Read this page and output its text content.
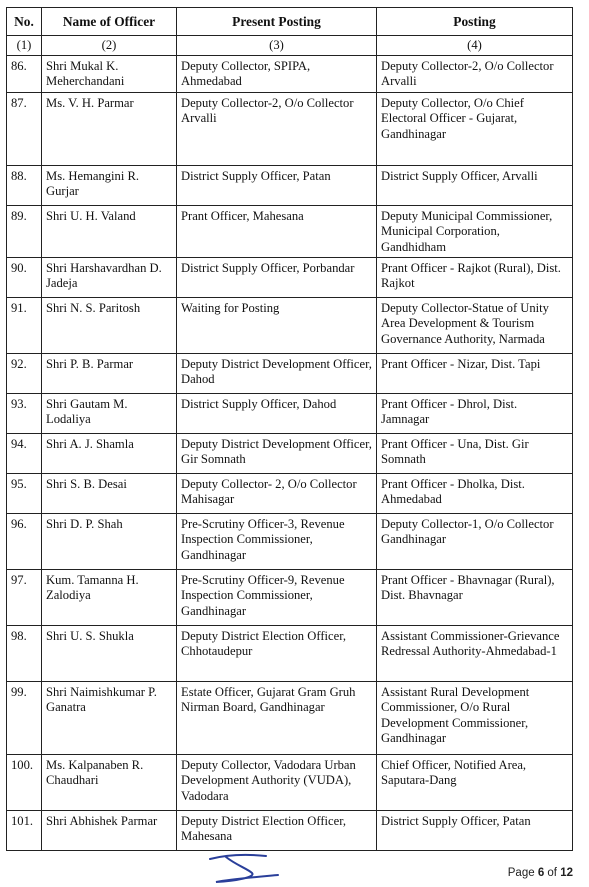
No.	Name of Officer	Present Posting	Posting
(1)	(2)	(3)	(4)
86.	Shri Mukal K. Meherchandani	Deputy Collector, SPIPA, Ahmedabad	Deputy Collector-2, O/o Collector Arvalli
87.	Ms. V. H. Parmar	Deputy Collector-2, O/o Collector Arvalli	Deputy Collector, O/o Chief Electoral Officer - Gujarat, Gandhinagar
88.	Ms. Hemangini R. Gurjar	District Supply Officer, Patan	District Supply Officer, Arvalli
89.	Shri U. H. Valand	Prant Officer, Mahesana	Deputy Municipal Commissioner, Municipal Corporation, Gandhidham
90.	Shri Harshavardhan D. Jadeja	District Supply Officer, Porbandar	Prant Officer - Rajkot (Rural), Dist. Rajkot
91.	Shri N. S. Paritosh	Waiting for Posting	Deputy Collector-Statue of Unity Area Development & Tourism Governance Authority, Narmada
92.	Shri P. B. Parmar	Deputy District Development Officer, Dahod	Prant Officer - Nizar, Dist. Tapi
93.	Shri Gautam M. Lodaliya	District Supply Officer, Dahod	Prant Officer - Dhrol, Dist. Jamnagar
94.	Shri A. J. Shamla	Deputy District Development Officer, Gir Somnath	Prant Officer - Una, Dist. Gir Somnath
95.	Shri S. B. Desai	Deputy Collector- 2, O/o Collector Mahisagar	Prant Officer - Dholka, Dist. Ahmedabad
96.	Shri D. P. Shah	Pre-Scrutiny Officer-3, Revenue Inspection Commissioner, Gandhinagar	Deputy Collector-1, O/o Collector Gandhinagar
97.	Kum. Tamanna H. Zalodiya	Pre-Scrutiny Officer-9, Revenue Inspection Commissioner, Gandhinagar	Prant Officer - Bhavnagar (Rural), Dist. Bhavnagar
98.	Shri U. S. Shukla	Deputy District Election Officer, Chhotaudepur	Assistant Commissioner-Grievance Redressal Authority-Ahmedabad-1
99.	Shri Naimishkumar P. Ganatra	Estate Officer, Gujarat Gram Gruh Nirman Board, Gandhinagar	Assistant Rural Development Commissioner, O/o Rural Development Commissioner, Gandhinagar
100.	Ms. Kalpanaben R. Chaudhari	Deputy Collector, Vadodara Urban Development Authority (VUDA), Vadodara	Chief Officer, Notified Area, Saputara-Dang
101.	Shri Abhishek Parmar	Deputy District Election Officer, Mahesana	District Supply Officer, Patan
Page 6 of 12
